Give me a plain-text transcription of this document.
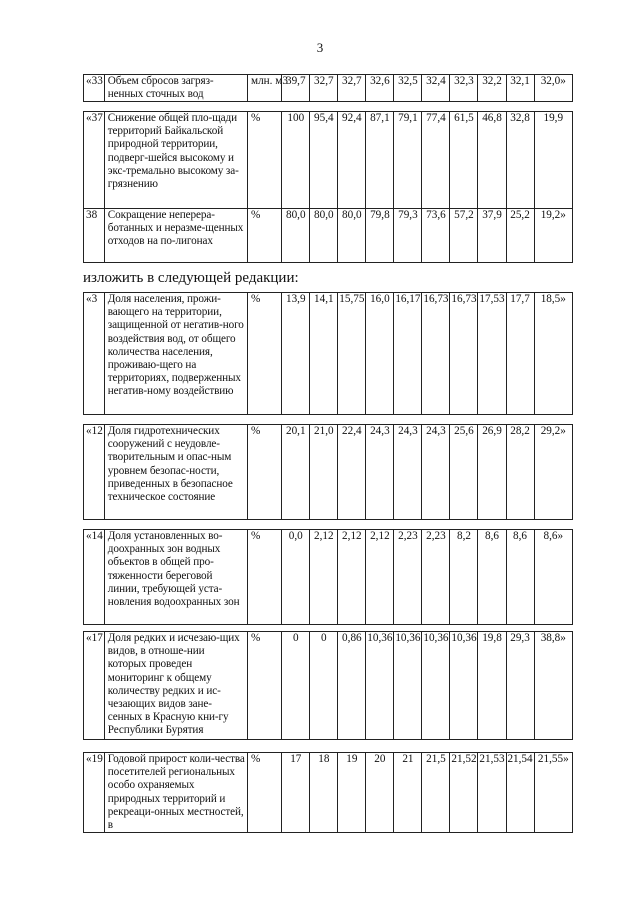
3
«33	Объем сбросов загряз-ненных сточных вод	млн. м3	39,7	32,7	32,7	32,6	32,5	32,4	32,3	32,2	32,1	32,0»
«37	Снижение общей пло-щади территорий Байкальской природной территории, подверг-шейся высокому и экс-тремально высокому за-грязнению	%	100	95,4	92,4	87,1	79,1	77,4	61,5	46,8	32,8	19,9
38	Сокращение неперера-ботанных и неразме-щенных отходов на по-лигонах	%	80,0	80,0	80,0	79,8	79,3	73,6	57,2	37,9	25,2	19,2»
изложить в следующей редакции:
«3	Доля населения, прожи-вающего на территории, защищенной от негатив-ного воздействия вод, от общего количества населения, проживаю-щего на территориях, подверженных негатив-ному воздействию	%	13,9	14,1	15,75	16,0	16,17	16,73	16,73	17,53	17,7	18,5»
«12	Доля гидротехнических сооружений с неудовле-творительным и опас-ным уровнем безопас-ности, приведенных в безопасное техническое состояние	%	20,1	21,0	22,4	24,3	24,3	24,3	25,6	26,9	28,2	29,2»
«14	Доля установленных во-доохранных зон водных объектов в общей про-тяженности береговой линии, требующей уста-новления водоохранных зон	%	0,0	2,12	2,12	2,12	2,23	2,23	8,2	8,6	8,6	8,6»
«17	Доля редких и исчезаю-щих видов, в отноше-нии которых проведен мониторинг к общему количеству редких и ис-чезающих видов зане-сенных в Красную кни-гу Республики Бурятия	%	0	0	0,86	10,36	10,36	10,36	10,36	19,8	29,3	38,8»
«19	Годовой прирост коли-чества посетителей региональных особо охраняемых природных территорий и рекреаци-онных местностей, в	%	17	18	19	20	21	21,5	21,52	21,53	21,54	21,55»
